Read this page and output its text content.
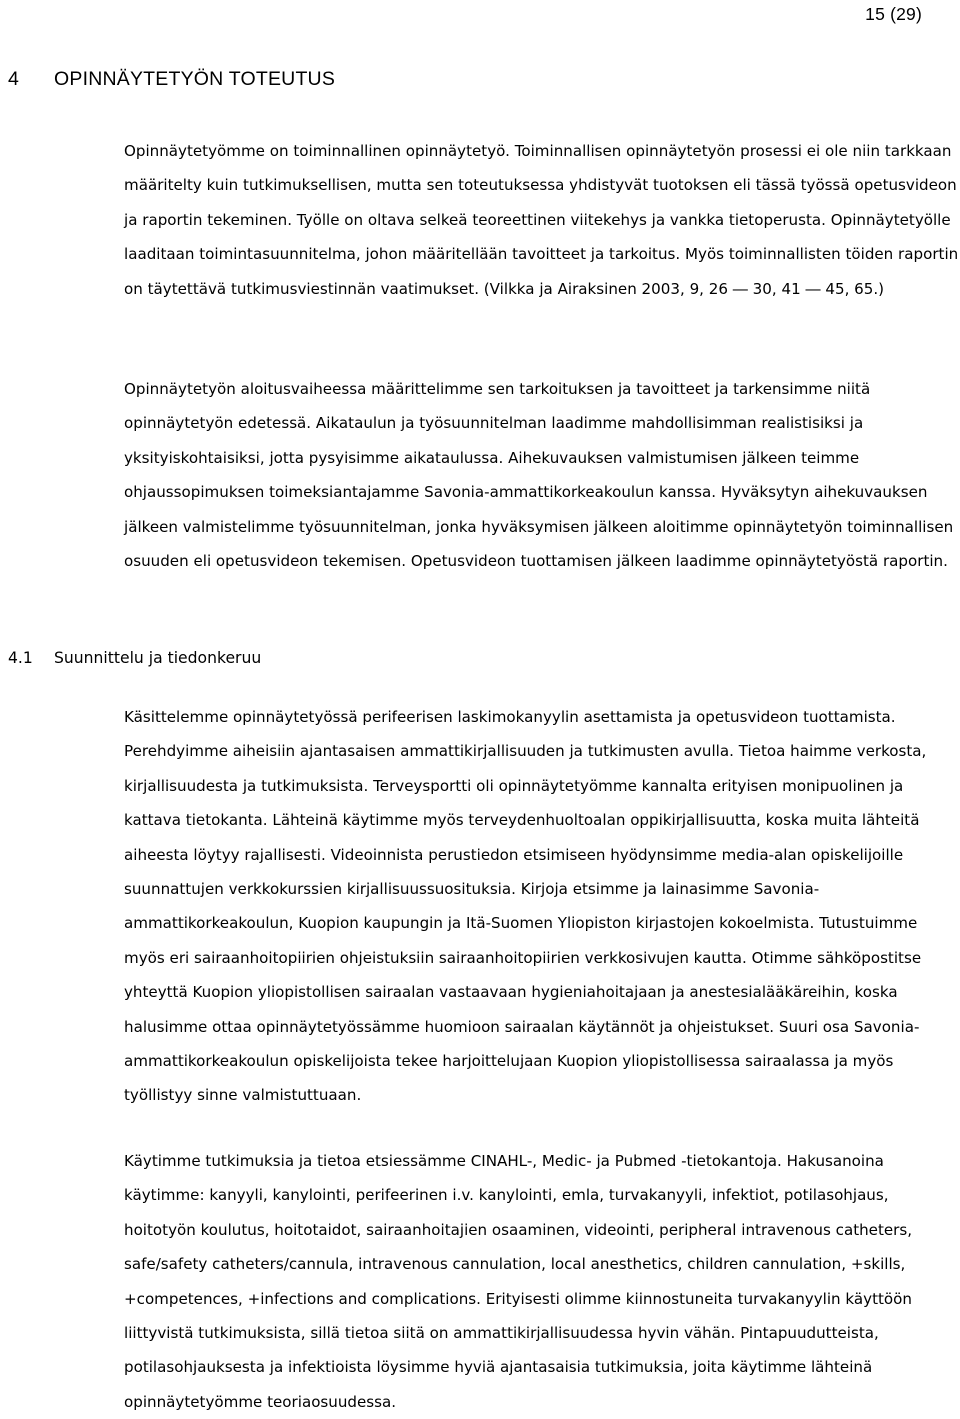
15 (29)
4 OPINNÄYTETYÖN TOTEUTUS

Opinnäytetyömme on toiminnallinen opinnäytetyö. Toiminnallisen opinnäytetyön prosessi ei ole niin tarkkaan määritelty kuin tutkimuksellisen, mutta sen toteutuksessa yhdistyvät tuotoksen eli tässä työssä opetusvideon ja raportin tekeminen. Työlle on oltava selkeä teoreettinen viitekehys ja vankka tietoperusta. Opinnäytetyölle laaditaan toimintasuunnitelma, johon määritellään tavoitteet ja tarkoitus. Myös toiminnallisten töiden raportin on täytettävä tutkimusviestinnän vaatimukset. (Vilkka ja Airaksinen 2003, 9, 26 ― 30, 41 ― 45, 65.)

Opinnäytetyön aloitusvaiheessa määrittelimme sen tarkoituksen ja tavoitteet ja tarkensimme niitä opinnäytetyön edetessä. Aikataulun ja työsuunnitelman laadimme mahdollisimman realistisiksi ja yksityiskohtaisiksi, jotta pysyisimme aikataulussa. Aihekuvauksen valmistumisen jälkeen teimme ohjaussopimuksen toimeksiantajamme Savonia-ammattikorkeakoulun kanssa. Hyväksytyn aihekuvauksen jälkeen valmistelimme työsuunnitelman, jonka hyväksymisen jälkeen aloitimme opinnäytetyön toiminnallisen osuuden eli opetusvideon tekemisen. Opetusvideon tuottamisen jälkeen laadimme opinnäytetyöstä raportin.

4.1 Suunnittelu ja tiedonkeruu

Käsittelemme opinnäytetyössä perifeerisen laskimokanyylin asettamista ja opetusvideon tuottamista. Perehdyimme aiheisiin ajantasaisen ammattikirjallisuuden ja tutkimusten avulla. Tietoa haimme verkosta, kirjallisuudesta ja tutkimuksista. Terveysportti oli opinnäytetyömme kannalta erityisen monipuolinen ja kattava tietokanta. Lähteinä käytimme myös terveydenhuoltoalan oppikirjallisuutta, koska muita lähteitä aiheesta löytyy rajallisesti. Videoinnista perustiedon etsimiseen hyödynsimme media-alan opiskelijoille suunnattujen verkkokurssien kirjallisuussuosituksia. Kirjoja etsimme ja lainasimme Savonia-ammattikorkeakoulun, Kuopion kaupungin ja Itä-Suomen Yliopiston kirjastojen kokoelmista. Tutustuimme myös eri sairaanhoitopiirien ohjeistuksiin sairaanhoitopiirien verkkosivujen kautta. Otimme sähköpostitse yhteyttä Kuopion yliopistollisen sairaalan vastaavaan hygieniahoitajaan ja anestesialääkäreihin, koska halusimme ottaa opinnäytetyössämme huomioon sairaalan käytännöt ja ohjeistukset. Suuri osa Savonia-ammattikorkeakoulun opiskelijoista tekee harjoittelujaan Kuopion yliopistollisessa sairaalassa ja myös työllistyy sinne valmistuttuaan.

Käytimme tutkimuksia ja tietoa etsiessämme CINAHL-, Medic- ja Pubmed -tietokantoja. Hakusanoina käytimme: kanyyli, kanylointi, perifeerinen i.v. kanylointi, emla, turvakanyyli, infektiot, potilasohjaus, hoitotyön koulutus, hoitotaidot, sairaanhoitajien osaaminen, videointi, peripheral intravenous catheters, safe/safety catheters/cannula, intravenous cannulation, local anesthetics, children cannulation, +skills, +competences, +infections and complications. Erityisesti olimme kiinnostuneita turvakanyylin käyttöön liittyvistä tutkimuksista, sillä tietoa siitä on ammattikirjallisuudessa hyvin vähän. Pintapuudutteista, potilasohjauksesta ja infektioista löysimme hyviä ajantasaisia tutkimuksia, joita käytimme lähteinä opinnäytetyömme teoriaosuudessa.
